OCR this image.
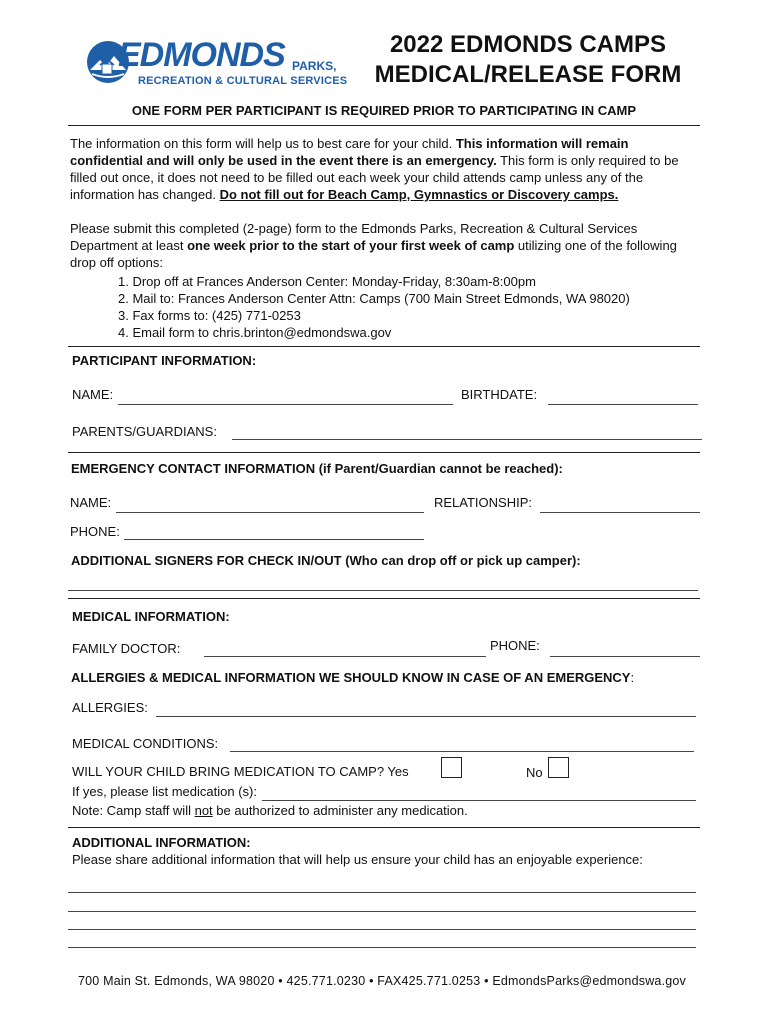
EDMONDS PARKS,
RECREATION & CULTURAL SERVICES
2022 EDMONDS CAMPS
MEDICAL/RELEASE FORM
ONE FORM PER PARTICIPANT IS REQUIRED PRIOR TO PARTICIPATING IN CAMP
The information on this form will help us to best care for your child. This information will remain confidential and will only be used in the event there is an emergency. This form is only required to be filled out once, it does not need to be filled out each week your child attends camp unless any of the information has changed. Do not fill out for Beach Camp, Gymnastics or Discovery camps.
Please submit this completed (2-page) form to the Edmonds Parks, Recreation & Cultural Services Department at least one week prior to the start of your first week of camp utilizing one of the following drop off options:
1. Drop off at Frances Anderson Center: Monday-Friday, 8:30am-8:00pm
2. Mail to: Frances Anderson Center Attn: Camps (700 Main Street Edmonds, WA 98020)
3. Fax forms to: (425) 771-0253
4. Email form to chris.brinton@edmondswa.gov
PARTICIPANT INFORMATION:
NAME:	BIRTHDATE:
PARENTS/GUARDIANS:
EMERGENCY CONTACT INFORMATION (if Parent/Guardian cannot be reached):
NAME:	RELATIONSHIP:
PHONE:
ADDITIONAL SIGNERS FOR CHECK IN/OUT (Who can drop off or pick up camper):
MEDICAL INFORMATION:
FAMILY DOCTOR:	PHONE:
ALLERGIES & MEDICAL INFORMATION WE SHOULD KNOW IN CASE OF AN EMERGENCY:
ALLERGIES:
MEDICAL CONDITIONS:
WILL YOUR CHILD BRING MEDICATION TO CAMP? Yes	No
If yes, please list medication (s):
Note: Camp staff will not be authorized to administer any medication.
ADDITIONAL INFORMATION:
Please share additional information that will help us ensure your child has an enjoyable experience:
700 Main St. Edmonds, WA 98020 • 425.771.0230 • FAX425.771.0253 • EdmondsParks@edmondswa.gov
